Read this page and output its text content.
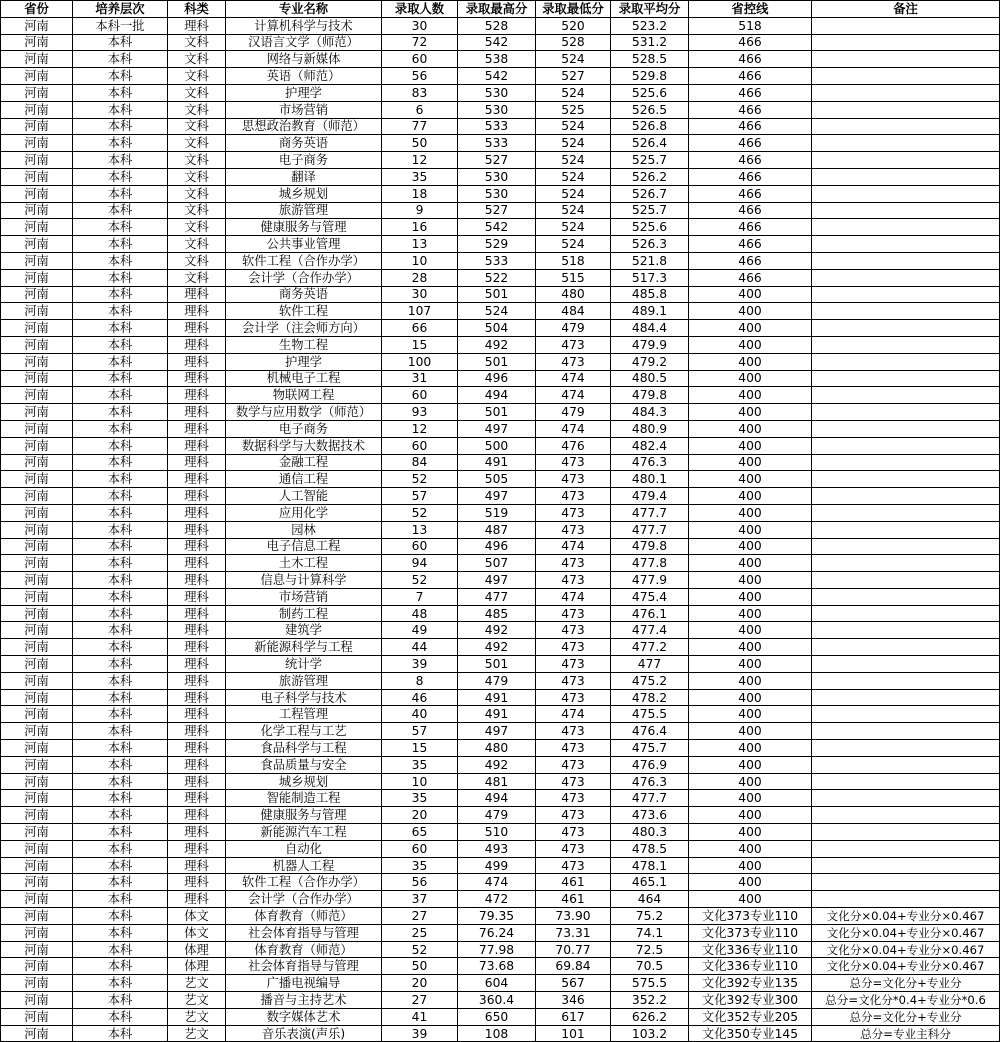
省份	培养层次	科类	专业名称	录取人数	录取最高分	录取最低分	录取平均分	省控线	备注
河南	本科一批	理科	计算机科学与技术	30	528	520	523.2	518	
河南	本科	文科	汉语言文学（师范）	72	542	528	531.2	466	
河南	本科	文科	网络与新媒体	60	538	524	528.5	466	
河南	本科	文科	英语（师范）	56	542	527	529.8	466	
河南	本科	文科	护理学	83	530	524	525.6	466	
河南	本科	文科	市场营销	6	530	525	526.5	466	
河南	本科	文科	思想政治教育（师范）	77	533	524	526.8	466	
河南	本科	文科	商务英语	50	533	524	526.4	466	
河南	本科	文科	电子商务	12	527	524	525.7	466	
河南	本科	文科	翻译	35	530	524	526.2	466	
河南	本科	文科	城乡规划	18	530	524	526.7	466	
河南	本科	文科	旅游管理	9	527	524	525.7	466	
河南	本科	文科	健康服务与管理	16	542	524	525.6	466	
河南	本科	文科	公共事业管理	13	529	524	526.3	466	
河南	本科	文科	软件工程（合作办学）	10	533	518	521.8	466	
河南	本科	文科	会计学（合作办学）	28	522	515	517.3	466	
河南	本科	理科	商务英语	30	501	480	485.8	400	
河南	本科	理科	软件工程	107	524	484	489.1	400	
河南	本科	理科	会计学（注会师方向）	66	504	479	484.4	400	
河南	本科	理科	生物工程	15	492	473	479.9	400	
河南	本科	理科	护理学	100	501	473	479.2	400	
河南	本科	理科	机械电子工程	31	496	474	480.5	400	
河南	本科	理科	物联网工程	60	494	474	479.8	400	
河南	本科	理科	数学与应用数学（师范）	93	501	479	484.3	400	
河南	本科	理科	电子商务	12	497	474	480.9	400	
河南	本科	理科	数据科学与大数据技术	60	500	476	482.4	400	
河南	本科	理科	金融工程	84	491	473	476.3	400	
河南	本科	理科	通信工程	52	505	473	480.1	400	
河南	本科	理科	人工智能	57	497	473	479.4	400	
河南	本科	理科	应用化学	52	519	473	477.7	400	
河南	本科	理科	园林	13	487	473	477.7	400	
河南	本科	理科	电子信息工程	60	496	474	479.8	400	
河南	本科	理科	土木工程	94	507	473	477.8	400	
河南	本科	理科	信息与计算科学	52	497	473	477.9	400	
河南	本科	理科	市场营销	7	477	474	475.4	400	
河南	本科	理科	制药工程	48	485	473	476.1	400	
河南	本科	理科	建筑学	49	492	473	477.4	400	
河南	本科	理科	新能源科学与工程	44	492	473	477.2	400	
河南	本科	理科	统计学	39	501	473	477	400	
河南	本科	理科	旅游管理	8	479	473	475.2	400	
河南	本科	理科	电子科学与技术	46	491	473	478.2	400	
河南	本科	理科	工程管理	40	491	474	475.5	400	
河南	本科	理科	化学工程与工艺	57	497	473	476.4	400	
河南	本科	理科	食品科学与工程	15	480	473	475.7	400	
河南	本科	理科	食品质量与安全	35	492	473	476.9	400	
河南	本科	理科	城乡规划	10	481	473	476.3	400	
河南	本科	理科	智能制造工程	35	494	473	477.7	400	
河南	本科	理科	健康服务与管理	20	479	473	473.6	400	
河南	本科	理科	新能源汽车工程	65	510	473	480.3	400	
河南	本科	理科	自动化	60	493	473	478.5	400	
河南	本科	理科	机器人工程	35	499	473	478.1	400	
河南	本科	理科	软件工程（合作办学）	56	474	461	465.1	400	
河南	本科	理科	会计学（合作办学）	37	472	461	464	400	
河南	本科	体文	体育教育（师范）	27	79.35	73.90	75.2	文化373专业110	文化分×0.04+专业分×0.467
河南	本科	体文	社会体育指导与管理	25	76.24	73.31	74.1	文化373专业110	文化分×0.04+专业分×0.467
河南	本科	体理	体育教育（师范）	52	77.98	70.77	72.5	文化336专业110	文化分×0.04+专业分×0.467
河南	本科	体理	社会体育指导与管理	50	73.68	69.84	70.5	文化336专业110	文化分×0.04+专业分×0.467
河南	本科	艺文	广播电视编导	20	604	567	575.5	文化392专业135	总分=文化分+专业分
河南	本科	艺文	播音与主持艺术	27	360.4	346	352.2	文化392专业300	总分=文化分*0.4+专业分*0.6
河南	本科	艺文	数字媒体艺术	41	650	617	626.2	文化352专业205	总分=文化分+专业分
河南	本科	艺文	音乐表演(声乐)	39	108	101	103.2	文化350专业145	总分=专业主科分
